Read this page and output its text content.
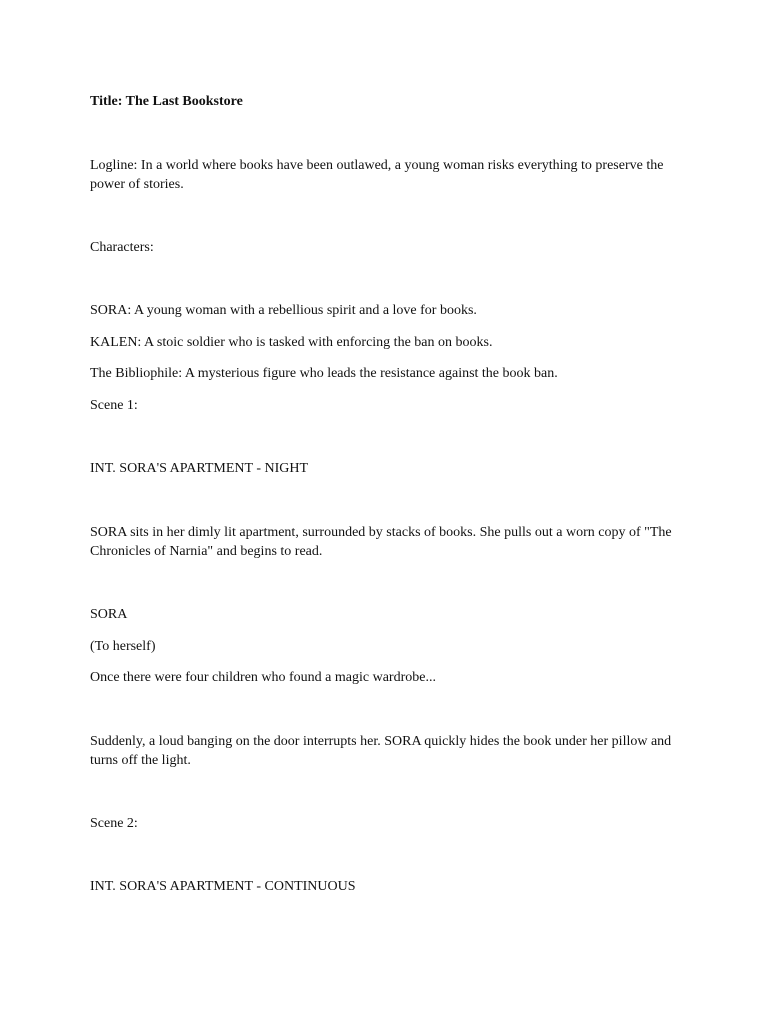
Title: The Last Bookstore

Logline: In a world where books have been outlawed, a young woman risks everything to preserve the power of stories.

Characters:

SORA: A young woman with a rebellious spirit and a love for books.

KALEN: A stoic soldier who is tasked with enforcing the ban on books.

The Bibliophile: A mysterious figure who leads the resistance against the book ban.

Scene 1:

INT. SORA'S APARTMENT - NIGHT

SORA sits in her dimly lit apartment, surrounded by stacks of books. She pulls out a worn copy of "The Chronicles of Narnia" and begins to read.

SORA

(To herself)

Once there were four children who found a magic wardrobe...

Suddenly, a loud banging on the door interrupts her. SORA quickly hides the book under her pillow and turns off the light.

Scene 2:

INT. SORA'S APARTMENT - CONTINUOUS
